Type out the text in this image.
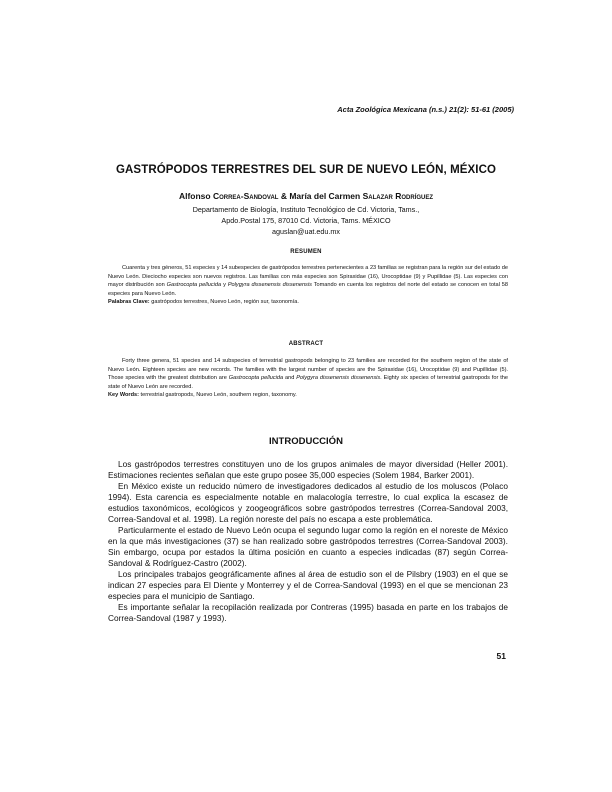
Acta Zoológica Mexicana (n.s.) 21(2): 51-61 (2005)
GASTRÓPODOS TERRESTRES DEL SUR DE NUEVO LEÓN, MÉXICO
Alfonso Correa-Sandoval & María del Carmen Salazar Rodríguez
Departamento de Biología, Instituto Tecnológico de Cd. Victoria, Tams.,
Apdo.Postal 175, 87010 Cd. Victoria, Tams. MÉXICO
aguslan@uat.edu.mx
RESUMEN

Cuarenta y tres géneros, 51 especies y 14 subespecies de gastrópodos terrestres pertenecientes a 23 familias se registran para la región sur del estado de Nuevo León. Dieciocho especies son nuevos registros. Las familias con más especies son Spiraxidae (16), Urocoptidae (9) y Pupillidae (5). Las especies con mayor distribución son Gastrocopta pellucida y Polygyra dissenensis dissenensis Tomando en cuenta los registros del norte del estado se conocen en total 58 especies para Nuevo León.

Palabras Clave: gastrópodos terrestres, Nuevo León, región sur, taxonomía.

ABSTRACT

Forty three genera, 51 species and 14 subspecies of terrestrial gastropods belonging to 23 families are recorded for the southern region of the state of Nuevo León. Eighteen species are new records. The families with the largest number of species are the Spiraxidae (16), Urocoptidae (9) and Pupillidae (5). Those species with the greatest distribution are Gastrocopta pellucida and Polygyra dissenensis dissenensis. Eighty six species of terrestrial gastropods for the state of Nuevo León are recorded.

Key Words: terrestrial gastropods, Nuevo León, southern region, taxonomy.

INTRODUCCIÓN

Los gastrópodos terrestres constituyen uno de los grupos animales de mayor diversidad (Heller 2001). Estimaciones recientes señalan que este grupo posee 35,000 especies (Solem 1984, Barker 2001).

En México existe un reducido número de investigadores dedicados al estudio de los moluscos (Polaco 1994). Esta carencia es especialmente notable en malacología terrestre, lo cual explica la escasez de estudios taxonómicos, ecológicos y zoogeográficos sobre gastrópodos terrestres (Correa-Sandoval 2003, Correa-Sandoval et al. 1998). La región noreste del país no escapa a este problemática.

Particularmente el estado de Nuevo León ocupa el segundo lugar como la región en el noreste de México en la que más investigaciones (37) se han realizado sobre gastrópodos terrestres (Correa-Sandoval 2003). Sin embargo, ocupa por estados la última posición en cuanto a especies indicadas (87) según Correa-Sandoval & Rodríguez-Castro (2002).

Los principales trabajos geográficamente afines al área de estudio son el de Pilsbry (1903) en el que se indican 27 especies para El Diente y Monterrey y el de Correa-Sandoval (1993) en el que se mencionan 23 especies para el municipio de Santiago.

Es importante señalar la recopilación realizada por Contreras (1995) basada en parte en los trabajos de Correa-Sandoval (1987 y 1993).

51
